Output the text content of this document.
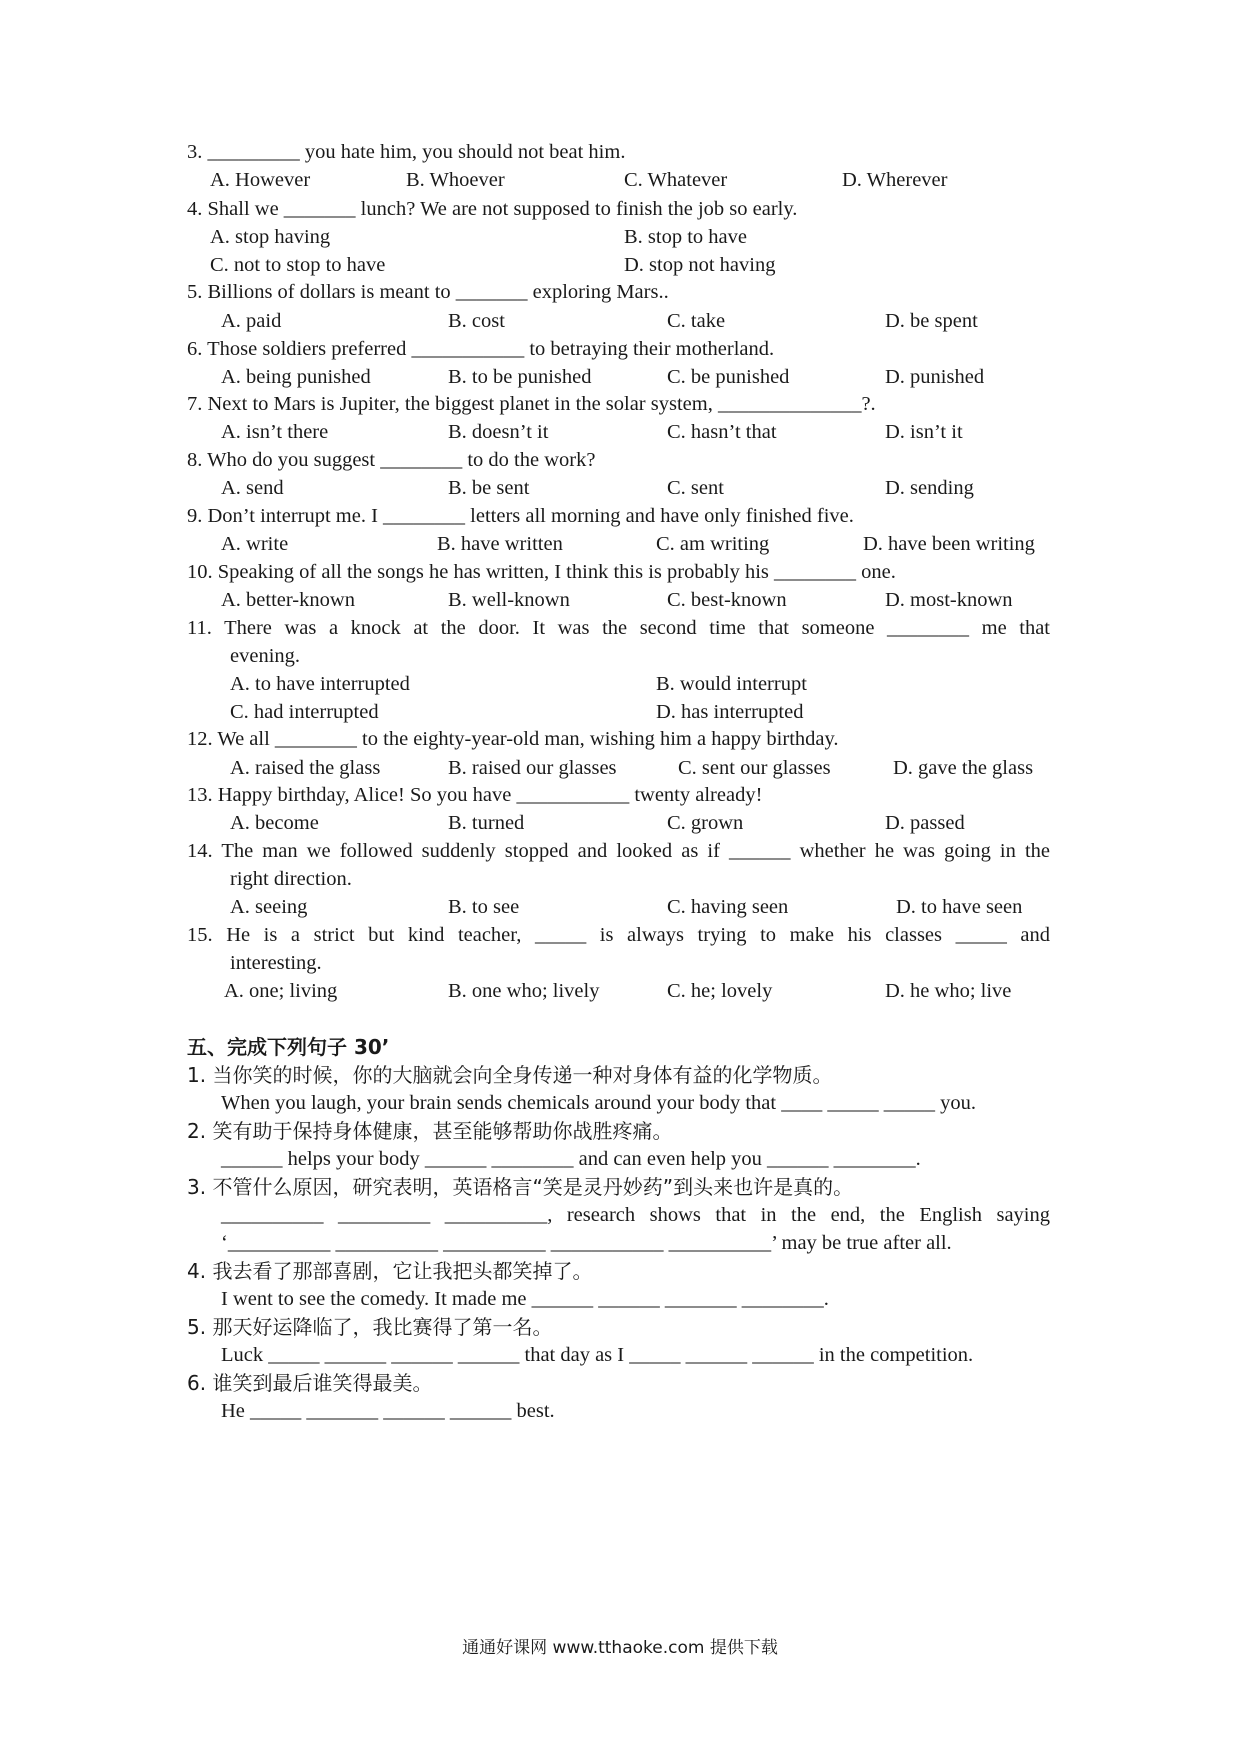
3. _________ you hate him, you should not beat him.
A. However	B. Whoever	C. Whatever	D. Wherever
4. Shall we _______ lunch? We are not supposed to finish the job so early.
A. stop having	B. stop to have
C. not to stop to have	D. stop not having
5. Billions of dollars is meant to _______ exploring Mars..
A. paid	B. cost	C. take	D. be spent
6. Those soldiers preferred ___________ to betraying their motherland.
A. being punished	B. to be punished	C. be punished	D. punished
7. Next to Mars is Jupiter, the biggest planet in the solar system, ______________?.
A. isn’t there	B. doesn’t it	C. hasn’t that	D. isn’t it
8. Who do you suggest ________ to do the work?
A. send	B. be sent	C. sent	D. sending
9. Don’t interrupt me. I ________ letters all morning and have only finished five.
A. write	B. have written	C. am writing	D. have been writing
10. Speaking of all the songs he has written, I think this is probably his ________ one.
A. better-known	B. well-known	C. best-known	D. most-known
11. There was a knock at the door. It was the second time that someone ________ me that
evening.
A. to have interrupted	B. would interrupt
C. had interrupted	D. has interrupted
12. We all ________ to the eighty-year-old man, wishing him a happy birthday.
A. raised the glass	B. raised our glasses	C. sent our glasses	D. gave the glass
13. Happy birthday, Alice! So you have ___________ twenty already!
A. become	B. turned	C. grown	D. passed
14. The man we followed suddenly stopped and looked as if ______ whether he was going in the
right direction.
A. seeing	B. to see	C. having seen	D. to have seen
15. He is a strict but kind teacher, _____ is always trying to make his classes _____ and
interesting.
A. one; living	B. one who; lively	C. he; lovely	D. he who; live
五、完成下列句子 30’
1. 当你笑的时候，你的大脑就会向全身传递一种对身体有益的化学物质。
When you laugh, your brain sends chemicals around your body that ____ _____ _____ you.
2. 笑有助于保持身体健康，甚至能够帮助你战胜疼痛。
______ helps your body ______ ________ and can even help you ______ ________.
3. 不管什么原因，研究表明，英语格言“笑是灵丹妙药”到头来也许是真的。
__________ _________ __________, research shows that in the end, the English saying
‘__________ __________ __________ ___________ __________’ may be true after all.
4. 我去看了那部喜剧，它让我把头都笑掉了。
I went to see the comedy. It made me ______ ______ _______ ________.
5. 那天好运降临了，我比赛得了第一名。
Luck _____ ______ ______ ______ that day as I _____ ______ ______ in the competition.
6. 谁笑到最后谁笑得最美。
He _____ _______ ______ ______ best.
通通好课网 www.tthaoke.com 提供下载
